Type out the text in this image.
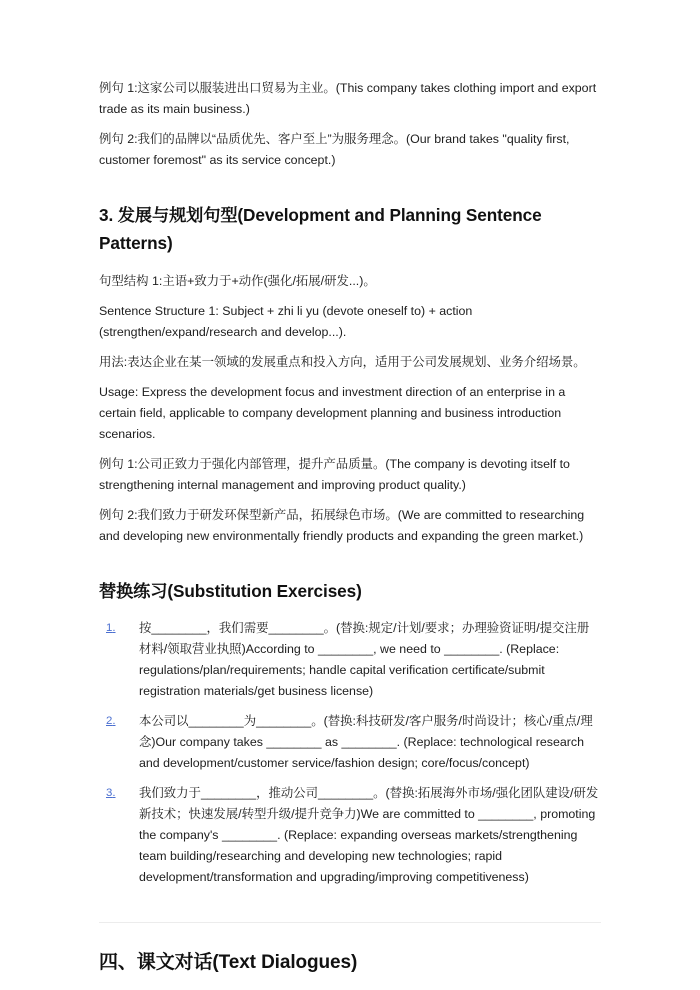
例句 1:这家公司以服装进出口贸易为主业。(This company takes clothing import and export trade as its main business.)

例句 2:我们的品牌以“品质优先、客户至上”为服务理念。(Our brand takes "quality first, customer foremost" as its service concept.)

3. 发展与规划句型(Development and Planning Sentence Patterns)

句型结构 1:主语+致力于+动作(强化/拓展/研发...)。

Sentence Structure 1: Subject + zhi li yu (devote oneself to) + action (strengthen/expand/research and develop...).

用法:表达企业在某一领域的发展重点和投入方向，适用于公司发展规划、业务介绍场景。

Usage: Express the development focus and investment direction of an enterprise in a certain field, applicable to company development planning and business introduction scenarios.

例句 1:公司正致力于强化内部管理，提升产品质量。(The company is devoting itself to strengthening internal management and improving product quality.)

例句 2:我们致力于研发环保型新产品，拓展绿色市场。(We are committed to researching and developing new environmentally friendly products and expanding the green market.)

替换练习(Substitution Exercises)
按________，我们需要________。(替换:规定/计划/要求；办理验资证明/提交注册材料/领取营业执照)According to ________, we need to ________. (Replace: regulations/plan/requirements; handle capital verification certificate/submit registration materials/get business license)
本公司以________为________。(替换:科技研发/客户服务/时尚设计；核心/重点/理念)Our company takes ________ as ________. (Replace: technological research and development/customer service/fashion design; core/focus/concept)
我们致力于________，推动公司________。(替换:拓展海外市场/强化团队建设/研发新技术；快速发展/转型升级/提升竞争力)We are committed to ________, promoting the company's ________. (Replace: expanding overseas markets/strengthening team building/researching and developing new technologies; rapid development/transformation and upgrading/improving competitiveness)
四、课文对话(Text Dialogues)
